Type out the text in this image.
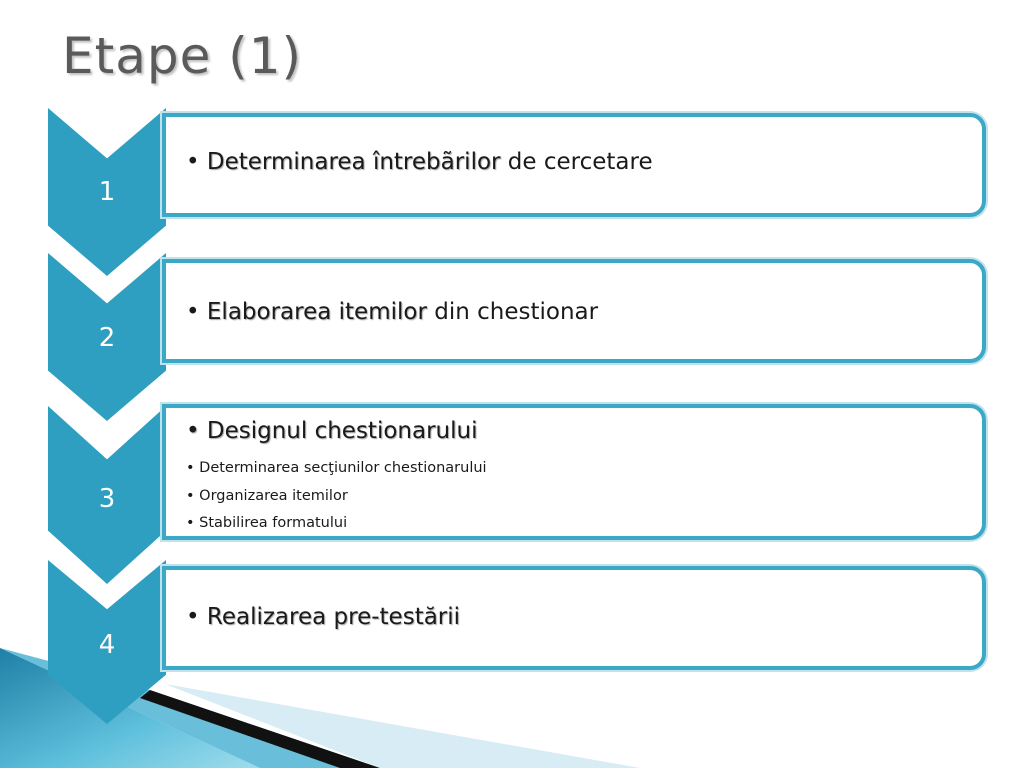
Etape (1)
1
• Determinarea întrebãrilor de cercetare
2
• Elaborarea itemilor din chestionar
3
• Designul chestionarului
• Determinarea secţiunilor chestionarului
• Organizarea itemilor
• Stabilirea formatului
4
• Realizarea pre-testării
